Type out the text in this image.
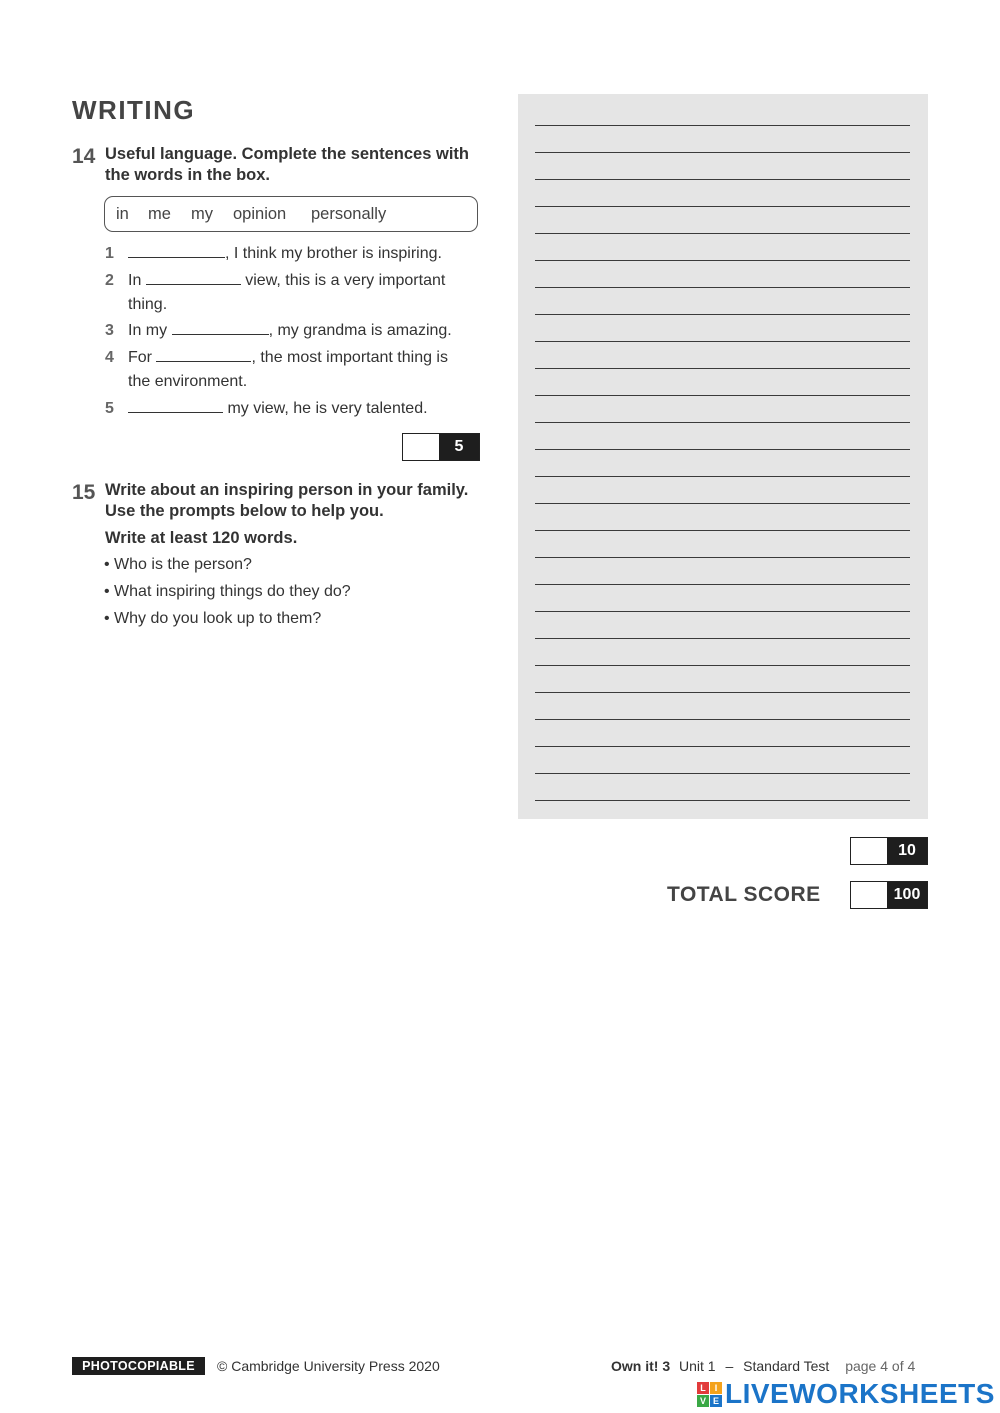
WRITING
14 Useful language. Complete the sentences with
the words in the box.
in me my opinion personally
1	, I think my brother is inspiring.
2 In	view, this is a very important
thing.
3 In my	, my grandma is amazing.
4 For	, the most important thing is
the environment.
5	my view, he is very talented.
5
15 Write about an inspiring person in your family.
Use the prompts below to help you.
Write at least 120 words.
• Who is the person?
• What inspiring things do they do?
• Why do you look up to them?
10
TOTAL SCORE	100
PHOTOCOPIABLE	© Cambridge University Press 2020	Own it! 3 Unit 1 – Standard Test page 4 of 4
L I
V E LIVEWORKSHEETS
